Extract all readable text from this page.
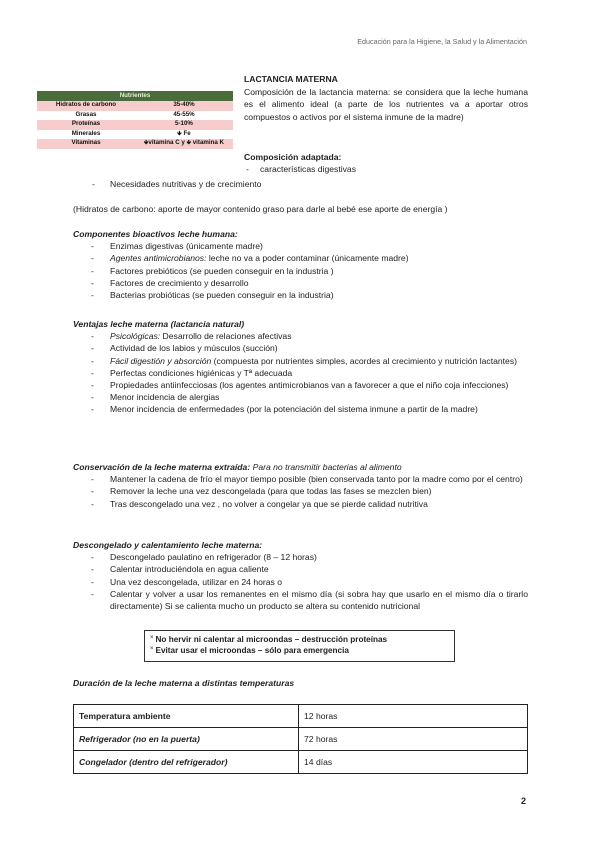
Educación para la Higiene, la Salud y la Alimentación
Nutrientes	
Hidratos de carbono	35-40%
Grasas	45-55%
Proteínas	5-10%
Minerales	🡻 Fe
Vitaminas	🡻vitamina C y 🡻 vitamina K
LACTANCIA MATERNA
Composición de la lactancia materna: se considera que la leche humana es el alimento ideal (a parte de los nutrientes va a aportar otros compuestos o activos por el sistema inmune de la madre)
Composición adaptada:
- características digestivas
- Necesidades nutritivas y de crecimiento
(Hidratos de carbono: aporte de mayor contenido graso para darle al bebé ese aporte de energía )
Componentes bioactivos leche humana:
- Enzimas digestivas (únicamente madre)
- Agentes antimicrobianos: leche no va a poder contaminar (únicamente madre)
- Factores prebióticos (se pueden conseguir en la industria )
- Factores de crecimiento y desarrollo
- Bacterias probióticas (se pueden conseguir en la industria)
Ventajas leche materna (lactancia natural)
- Psicológicas: Desarrollo de relaciones afectivas
- Actividad de los labios y músculos (succión)
- Fácil digestión y absorción (compuesta por nutrientes simples, acordes al crecimiento y nutrición lactantes)
- Perfectas condiciones higiénicas y Tª adecuada
- Propiedades antiinfecciosas (los agentes antimicrobianos van a favorecer a que el niño coja infecciones)
- Menor incidencia de alergias
- Menor incidencia de enfermedades (por la potenciación del sistema inmune a partir de la madre)
Conservación de la leche materna extraída: Para no transmitir bacterias al alimento
- Mantener la cadena de frío el mayor tiempo posible (bien conservada tanto por la madre como por el centro)
- Remover la leche una vez descongelada (para que todas las fases se mezclen bien)
- Tras descongelado una vez , no volver a congelar ya que se pierde calidad nutritiva
Descongelado y calentamiento leche materna:
- Descongelado paulatino en refrigerador (8 – 12 horas)
- Calentar introduciéndola en agua caliente
- Una vez descongelada, utilizar en 24 horas o
- Calentar y volver a usar los remanentes en el mismo día (si sobra hay que usarlo en el mismo día o tirarlo directamente) Si se calienta mucho un producto se altera su contenido nutricional
× No hervir ni calentar al microondas – destrucción proteínas
× Evitar usar el microondas – sólo para emergencia
Duración de la leche materna a distintas temperaturas
Temperatura ambiente	12 horas
Refrigerador (no en la puerta)	72 horas
Congelador (dentro del refrigerador)	14 días
2
